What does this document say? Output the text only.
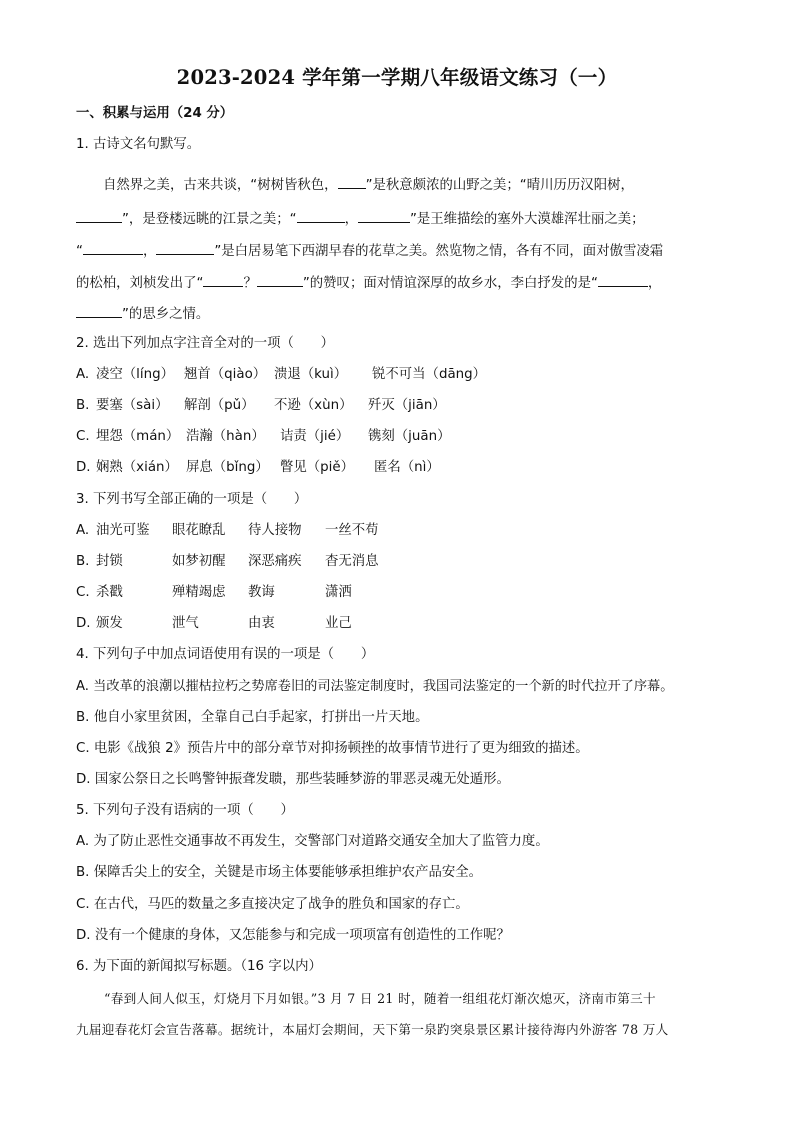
2023-2024 学年第一学期八年级语文练习（一）
一、积累与运用（24 分）
1. 古诗文名句默写。
自然界之美，古来共谈，“树树皆秋色， ”是秋意颇浓的山野之美；“晴川历历汉阳树，
”，是登楼远眺的江景之美；“	，	”是王维描绘的塞外大漠雄浑壮丽之美；
“	，	”是白居易笔下西湖早春的花草之美。然览物之情，各有不同，面对傲雪凌霜
的松柏，刘桢发出了“	？	”的赞叹；面对情谊深厚的故乡水，李白抒发的是“	，
”的思乡之情。
2. 选出下列加点字注音全对的一项（　　）
A. 凌空（líng） 翘首（qiào） 溃退（kuì） 锐不可当（dāng）
B. 要塞（sài） 解剖（pǔ） 不逊（xùn） 歼灭（jiān）
C. 埋怨（mán） 浩瀚（hàn） 诘责（jié） 镌刻（juān）
D. 娴熟（xián） 屏息（bǐng） 瞥见（piě） 匿名（nì）
3. 下列书写全部正确的一项是（　　）
A. 油光可鉴 眼花瞭乱 待人接物 一丝不苟
B. 封锁	如梦初醒 深恶痛疾 杳无消息
C. 杀戳	殚精竭虑 教诲	潇洒
D. 颁发	泄气	由衷	业己
4. 下列句子中加点词语使用有误的一项是（　　）
A. 当改革的浪潮以摧枯拉朽之势席卷旧的司法鉴定制度时，我国司法鉴定的一个新的时代拉开了序幕。
B. 他自小家里贫困，全靠自己白手起家，打拼出一片天地。
C. 电影《战狼 2》预告片中的部分章节对抑扬顿挫的故事情节进行了更为细致的描述。
D. 国家公祭日之长鸣警钟振聋发聩，那些装睡梦游的罪恶灵魂无处遁形。
5. 下列句子没有语病的一项（　　）
A. 为了防止恶性交通事故不再发生，交警部门对道路交通安全加大了监管力度。
B. 保障舌尖上的安全，关键是市场主体要能够承担维护农产品安全。
C. 在古代，马匹的数量之多直接决定了战争的胜负和国家的存亡。
D. 没有一个健康的身体，又怎能参与和完成一项项富有创造性的工作呢？
6. 为下面的新闻拟写标题。（16 字以内）
“春到人间人似玉，灯烧月下月如银。”3 月 7 日 21 时，随着一组组花灯渐次熄灭，济南市第三十
九届迎春花灯会宣告落幕。据统计，本届灯会期间，天下第一泉趵突泉景区累计接待海内外游客 78 万人
